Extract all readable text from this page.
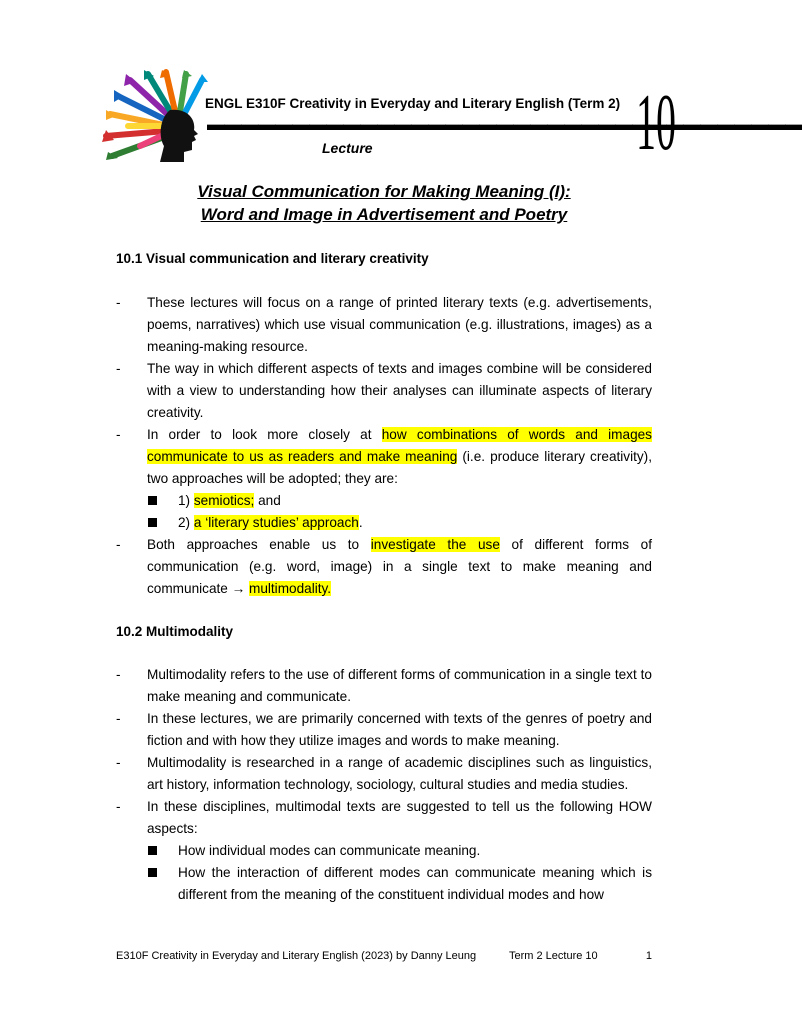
ENGL E310F Creativity in Everyday and Literary English (Term 2)
▬▬▬▬▬▬▬▬▬▬▬▬▬▬▬▬▬▬▬▬▬▬▬▬▬▬▬▬▬▬▬▬▬▬▬
10
Lecture
Visual Communication for Making Meaning (I):
Word and Image in Advertisement and Poetry
10.1 Visual communication and literary creativity
- These lectures will focus on a range of printed literary texts (e.g. advertisements, poems, narratives) which use visual communication (e.g. illustrations, images) as a meaning-making resource.
- The way in which different aspects of texts and images combine will be considered with a view to understanding how their analyses can illuminate aspects of literary creativity.
- In order to look more closely at how combinations of words and images communicate to us as readers and make meaning (i.e. produce literary creativity), two approaches will be adopted; they are:
1) semiotics; and
2) a ‘literary studies’ approach.
- Both approaches enable us to investigate the use of different forms of communication (e.g. word, image) in a single text to make meaning and communicate → multimodality.
10.2 Multimodality
- Multimodality refers to the use of different forms of communication in a single text to make meaning and communicate.
- In these lectures, we are primarily concerned with texts of the genres of poetry and fiction and with how they utilize images and words to make meaning.
- Multimodality is researched in a range of academic disciplines such as linguistics, art history, information technology, sociology, cultural studies and media studies.
- In these disciplines, multimodal texts are suggested to tell us the following HOW aspects:
How individual modes can communicate meaning.
How the interaction of different modes can communicate meaning which is different from the meaning of the constituent individual modes and how
E310F Creativity in Everyday and Literary English (2023) by Danny Leung	Term 2 Lecture 10	1
